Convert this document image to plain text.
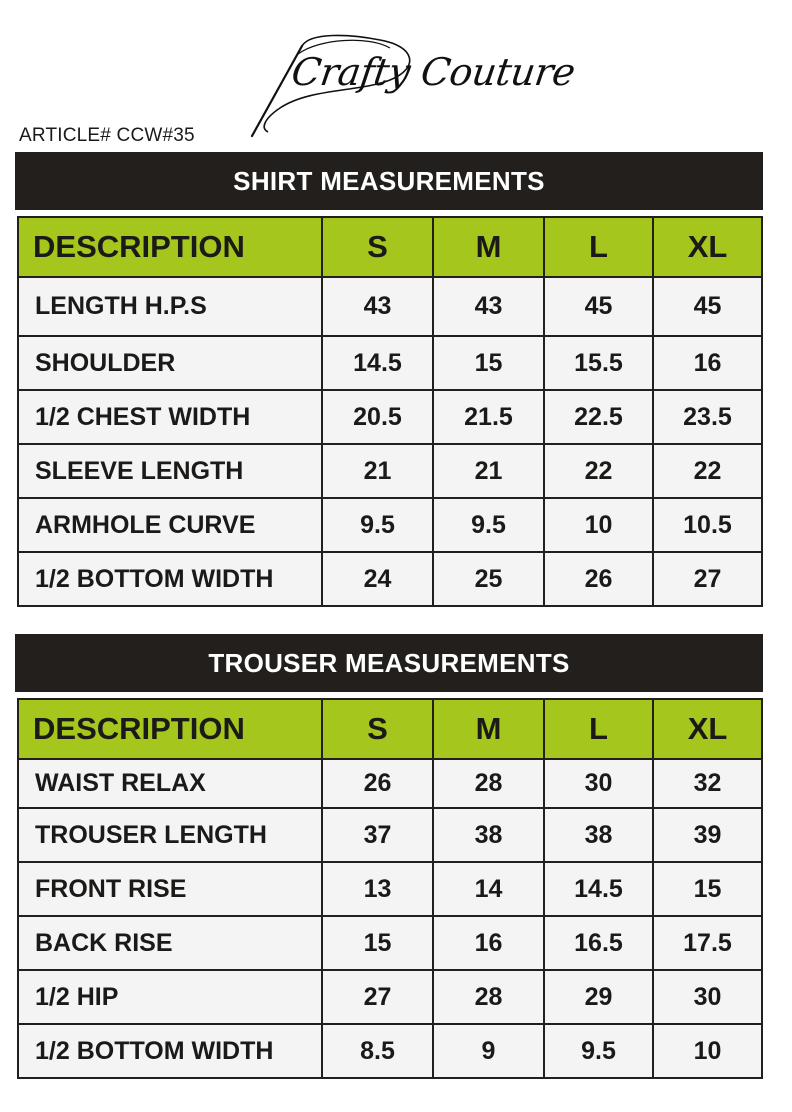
Crafty Couture
ARTICLE# CCW#35
SHIRT MEASUREMENTS
DESCRIPTION	S	M	L	XL
LENGTH H.P.S	43	43	45	45
SHOULDER	14.5	15	15.5	16
1/2 CHEST WIDTH	20.5	21.5	22.5	23.5
SLEEVE LENGTH	21	21	22	22
ARMHOLE CURVE	9.5	9.5	10	10.5
1/2 BOTTOM WIDTH	24	25	26	27
TROUSER MEASUREMENTS
DESCRIPTION	S	M	L	XL
WAIST RELAX	26	28	30	32
TROUSER LENGTH	37	38	38	39
FRONT RISE	13	14	14.5	15
BACK RISE	15	16	16.5	17.5
1/2 HIP	27	28	29	30
1/2 BOTTOM WIDTH	8.5	9	9.5	10
